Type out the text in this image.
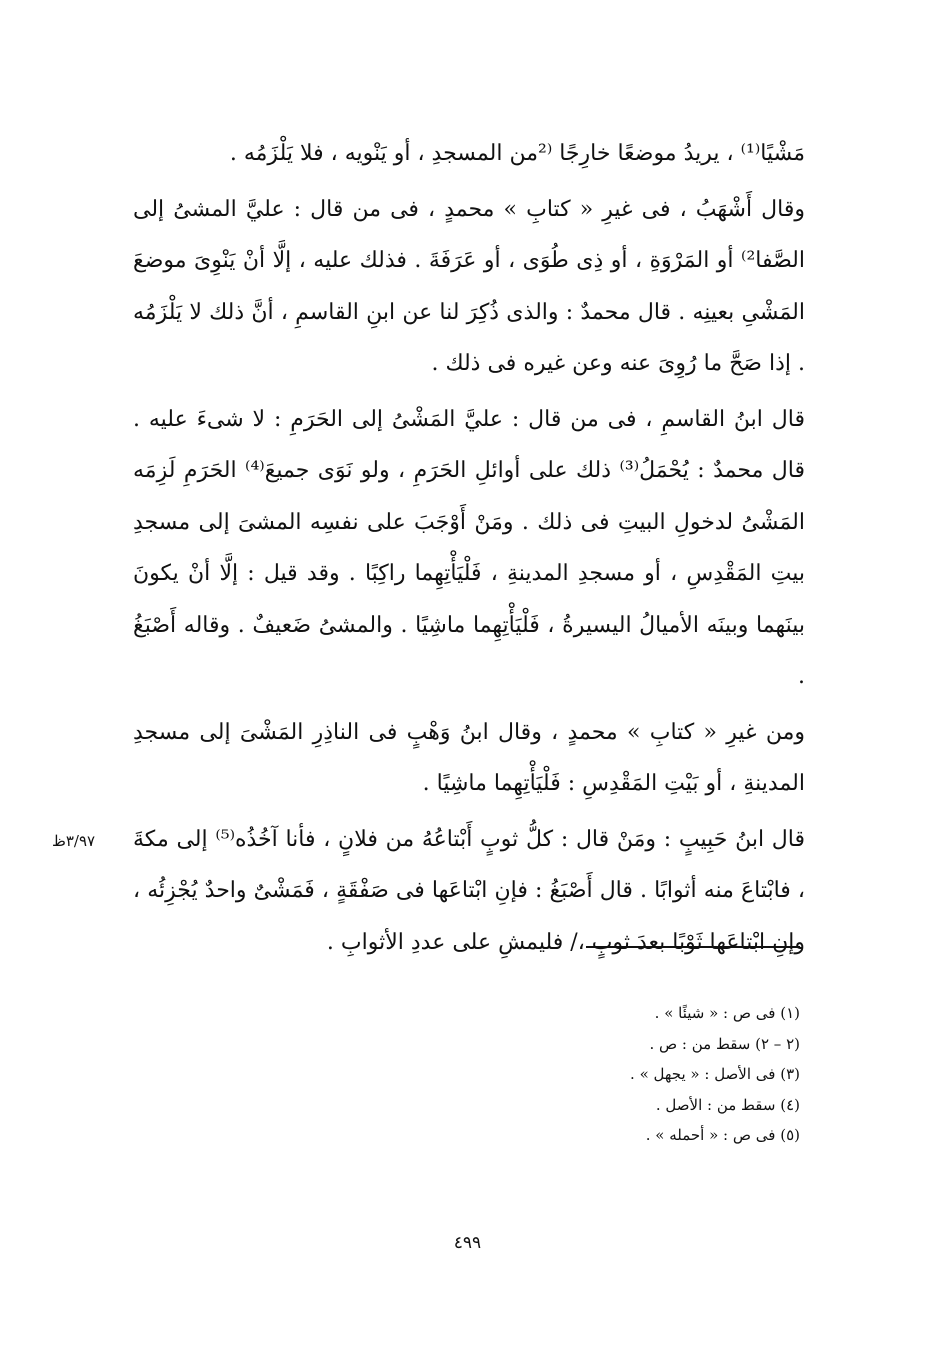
مَشْيًا⁽¹⁾ ، يريدُ موضعًا خارِجًا ⁽²من المسجدِ ، أو يَنْويه ، فلا يَلْزَمُه .

وقال أَشْهَبُ ، فى غيرِ « كتابِ » محمدٍ ، فى من قال : عليَّ المشىُ إلى الصَّفا²⁾ أو المَرْوَةِ ، أو ذِى طُوَى ، أو عَرَفَةَ . فذلك عليه ، إلَّا أنْ يَنْوِىَ موضعَ المَشْىِ بعينِه . قال محمدٌ : والذى ذُكِرَ لنا عن ابنِ القاسمِ ، أنَّ ذلك لا يَلْزَمُه . إذا صَحَّ ما رُوِىَ عنه وعن غيره فى ذلك .

قال ابنُ القاسمِ ، فى من قال : عليَّ المَشْىُ إلى الحَرَمِ : لا شىءَ عليه . قال محمدٌ : يُحْمَلُ⁽³⁾ ذلك على أوائلِ الحَرَمِ ، ولو نَوَى جميعَ⁽⁴⁾ الحَرَمِ لَزِمَه المَشْىُ لدخولِ البيتِ فى ذلك . ومَنْ أَوْجَبَ على نفسِه المشىَ إلى مسجدِ بيتِ المَقْدِسِ ، أو مسجدِ المدينةِ ، فَلْيَأْتِهِما راكِبًا . وقد قيل : إلَّا أنْ يكونَ بينَهما وبينَه الأميالُ اليسيرةُ ، فَلْيَأْتِهِما ماشِيًا . والمشىُ ضَعيفٌ . وقاله أَصْبَغُ .

ومن غيرِ « كتابِ » محمدٍ ، وقال ابنُ وَهْبٍ فى الناذِرِ المَشْىَ إلى مسجدِ المدينةِ ، أو بَيْتِ المَقْدِسِ : فَلْيَأْتِهِما ماشِيًا .

قال ابنُ حَبِيبٍ : ومَنْ قال : كلُّ ثوبٍ أَبْتاعُهُ من فلانٍ ، فأنا آخُذُه⁽⁵⁾ إلى مكةَ ، فابْتاعَ منه أثوابًا . قال أَصْبَغُ : فإنِ ابْتاعَها فى صَفْقَةٍ ، فَمَشْىٌ واحدٌ يُجْزِئُه ، وإنِ ابْتاعَها ثَوْبًا بعدَ ثوبٍ ،/ فليمشِ على عددِ الأثوابِ .

٣/٩٧ظ
(١) فى ص : « شيئًا » .
(٢ – ٢) سقط من : ص .
(٣) فى الأصل : « يجهل » .
(٤) سقط من : الأصل .
(٥) فى ص : « أحمله » .
٤٩٩
